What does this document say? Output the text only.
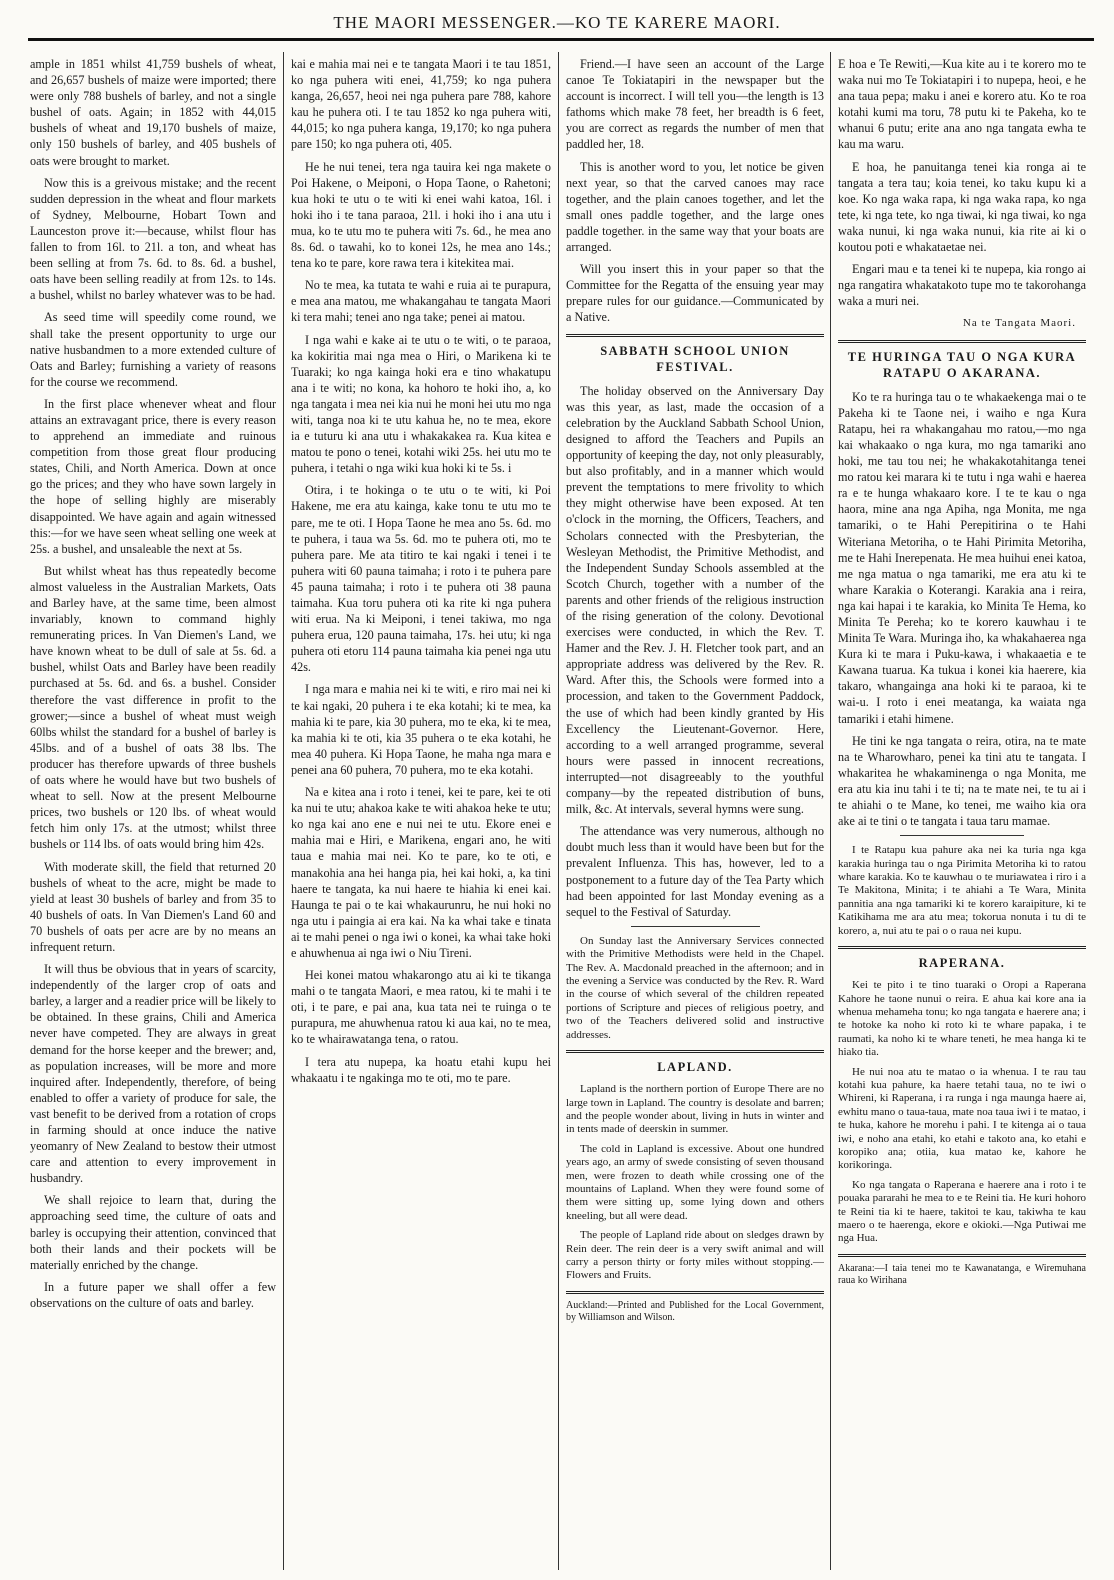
THE MAORI MESSENGER.—KO TE KARERE MAORI.

ample in 1851 whilst 41,759 bushels of wheat, and 26,657 bushels of maize were imported; there were only 788 bushels of barley, and not a single bushel of oats. Again; in 1852 with 44,015 bushels of wheat and 19,170 bushels of maize, only 150 bushels of barley, and 405 bushels of oats were brought to market.

Now this is a greivous mistake; and the recent sudden depression in the wheat and flour markets of Sydney, Melbourne, Hobart Town and Launceston prove it:—because, whilst flour has fallen to from 16l. to 21l. a ton, and wheat has been selling at from 7s. 6d. to 8s. 6d. a bushel, oats have been selling readily at from 12s. to 14s. a bushel, whilst no barley whatever was to be had.

As seed time will speedily come round, we shall take the present opportunity to urge our native husbandmen to a more extended culture of Oats and Barley; furnishing a variety of reasons for the course we recommend.

In the first place whenever wheat and flour attains an extravagant price, there is every reason to apprehend an immediate and ruinous competition from those great flour producing states, Chili, and North America. Down at once go the prices; and they who have sown largely in the hope of selling highly are miserably disappointed. We have again and again witnessed this:—for we have seen wheat selling one week at 25s. a bushel, and unsaleable the next at 5s.

But whilst wheat has thus repeatedly become almost valueless in the Australian Markets, Oats and Barley have, at the same time, been almost invariably, known to command highly remunerating prices. In Van Diemen's Land, we have known wheat to be dull of sale at 5s. 6d. a bushel, whilst Oats and Barley have been readily purchased at 5s. 6d. and 6s. a bushel. Consider therefore the vast difference in profit to the grower;—since a bushel of wheat must weigh 60lbs whilst the standard for a bushel of barley is 45lbs. and of a bushel of oats 38 lbs. The producer has therefore upwards of three bushels of oats where he would have but two bushels of wheat to sell. Now at the present Melbourne prices, two bushels or 120 lbs. of wheat would fetch him only 17s. at the utmost; whilst three bushels or 114 lbs. of oats would bring him 42s.

With moderate skill, the field that returned 20 bushels of wheat to the acre, might be made to yield at least 30 bushels of barley and from 35 to 40 bushels of oats. In Van Diemen's Land 60 and 70 bushels of oats per acre are by no means an infrequent return.

It will thus be obvious that in years of scarcity, independently of the larger crop of oats and barley, a larger and a readier price will be likely to be obtained. In these grains, Chili and America never have competed. They are always in great demand for the horse keeper and the brewer; and, as population increases, will be more and more inquired after. Independently, therefore, of being enabled to offer a variety of produce for sale, the vast benefit to be derived from a rotation of crops in farming should at once induce the native yeomanry of New Zealand to bestow their utmost care and attention to every improvement in husbandry.

We shall rejoice to learn that, during the approaching seed time, the culture of oats and barley is occupying their attention, convinced that both their lands and their pockets will be materially enriched by the change.

In a future paper we shall offer a few observations on the culture of oats and barley.

kai e mahia mai nei e te tangata Maori i te tau 1851, ko nga puhera witi enei, 41,759; ko nga puhera kanga, 26,657, heoi nei nga puhera pare 788, kahore kau he puhera oti. I te tau 1852 ko nga puhera witi, 44,015; ko nga puhera kanga, 19,170; ko nga puhera pare 150; ko nga puhera oti, 405.

He he nui tenei, tera nga tauira kei nga makete o Poi Hakene, o Meiponi, o Hopa Taone, o Rahetoni; kua hoki te utu o te witi ki enei wahi katoa, 16l. i hoki iho i te tana paraoa, 21l. i hoki iho i ana utu i mua, ko te utu mo te puhera witi 7s. 6d., he mea ano 8s. 6d. o tawahi, ko to konei 12s, he mea ano 14s.; tena ko te pare, kore rawa tera i kitekitea mai.

No te mea, ka tutata te wahi e ruia ai te purapura, e mea ana matou, me whakangahau te tangata Maori ki tera mahi; tenei ano nga take; penei ai matou.

I nga wahi e kake ai te utu o te witi, o te paraoa, ka kokiritia mai nga mea o Hiri, o Marikena ki te Tuaraki; ko nga kainga hoki era e tino whakatupu ana i te witi; no kona, ka hohoro te hoki iho, a, ko nga tangata i mea nei kia nui he moni hei utu mo nga witi, tanga noa ki te utu kahua he, no te mea, ekore ia e tuturu ki ana utu i whakakakea ra. Kua kitea e matou te pono o tenei, kotahi wiki 25s. hei utu mo te puhera, i tetahi o nga wiki kua hoki ki te 5s. i

Otira, i te hokinga o te utu o te witi, ki Poi Hakene, me era atu kainga, kake tonu te utu mo te pare, me te oti. I Hopa Taone he mea ano 5s. 6d. mo te puhera, i taua wa 5s. 6d. mo te puhera oti, mo te puhera pare. Me ata titiro te kai ngaki i tenei i te puhera witi 60 pauna taimaha; i roto i te puhera pare 45 pauna taimaha; i roto i te puhera oti 38 pauna taimaha. Kua toru puhera oti ka rite ki nga puhera witi erua. Na ki Meiponi, i tenei takiwa, mo nga puhera erua, 120 pauna taimaha, 17s. hei utu; ki nga puhera oti etoru 114 pauna taimaha kia penei nga utu 42s.

I nga mara e mahia nei ki te witi, e riro mai nei ki te kai ngaki, 20 puhera i te eka kotahi; ki te mea, ka mahia ki te pare, kia 30 puhera, mo te eka, ki te mea, ka mahia ki te oti, kia 35 puhera o te eka kotahi, he mea 40 puhera. Ki Hopa Taone, he maha nga mara e penei ana 60 puhera, 70 puhera, mo te eka kotahi.

Na e kitea ana i roto i tenei, kei te pare, kei te oti ka nui te utu; ahakoa kake te witi ahakoa heke te utu; ko nga kai ano ene e nui nei te utu. Ekore enei e mahia mai e Hiri, e Marikena, engari ano, he witi taua e mahia mai nei. Ko te pare, ko te oti, e manakohia ana hei hanga pia, hei kai hoki, a, ka tini haere te tangata, ka nui haere te hiahia ki enei kai. Haunga te pai o te kai whakaurunru, he nui hoki no nga utu i paingia ai era kai. Na ka whai take e tinata ai te mahi penei o nga iwi o konei, ka whai take hoki e ahuwhenua ai nga iwi o Niu Tireni.

Hei konei matou whakarongo atu ai ki te tikanga mahi o te tangata Maori, e mea ratou, ki te mahi i te oti, i te pare, e pai ana, kua tata nei te ruinga o te purapura, me ahuwhenua ratou ki aua kai, no te mea, ko te whairawatanga tena, o ratou.

I tera atu nupepa, ka hoatu etahi kupu hei whakaatu i te ngakinga mo te oti, mo te pare.

Friend.—I have seen an account of the Large canoe Te Tokiatapiri in the newspaper but the account is incorrect. I will tell you—the length is 13 fathoms which make 78 feet, her breadth is 6 feet, you are correct as regards the number of men that paddled her, 18.

This is another word to you, let notice be given next year, so that the carved canoes may race together, and the plain canoes together, and let the small ones paddle together, and the large ones paddle together. in the same way that your boats are arranged.

Will you insert this in your paper so that the Committee for the Regatta of the ensuing year may prepare rules for our guidance.—Communicated by a Native.

SABBATH SCHOOL UNION FESTIVAL.

The holiday observed on the Anniversary Day was this year, as last, made the occasion of a celebration by the Auckland Sabbath School Union, designed to afford the Teachers and Pupils an opportunity of keeping the day, not only pleasurably, but also profitably, and in a manner which would prevent the temptations to mere frivolity to which they might otherwise have been exposed. At ten o'clock in the morning, the Officers, Teachers, and Scholars connected with the Presbyterian, the Wesleyan Methodist, the Primitive Methodist, and the Independent Sunday Schools assembled at the Scotch Church, together with a number of the parents and other friends of the religious instruction of the rising generation of the colony. Devotional exercises were conducted, in which the Rev. T. Hamer and the Rev. J. H. Fletcher took part, and an appropriate address was delivered by the Rev. R. Ward. After this, the Schools were formed into a procession, and taken to the Government Paddock, the use of which had been kindly granted by His Excellency the Lieutenant-Governor. Here, according to a well arranged programme, several hours were passed in innocent recreations, interrupted—not disagreeably to the youthful company—by the repeated distribution of buns, milk, &c. At intervals, several hymns were sung.

The attendance was very numerous, although no doubt much less than it would have been but for the prevalent Influenza. This has, however, led to a postponement to a future day of the Tea Party which had been appointed for last Monday evening as a sequel to the Festival of Saturday.

On Sunday last the Anniversary Services connected with the Primitive Methodists were held in the Chapel. The Rev. A. Macdonald preached in the afternoon; and in the evening a Service was conducted by the Rev. R. Ward in the course of which several of the children repeated portions of Scripture and pieces of religious poetry, and two of the Teachers delivered solid and instructive addresses.

LAPLAND.

Lapland is the northern portion of Europe There are no large town in Lapland. The country is desolate and barren; and the people wonder about, living in huts in winter and in tents made of deerskin in summer.

The cold in Lapland is excessive. About one hundred years ago, an army of swede consisting of seven thousand men, were frozen to death while crossing one of the mountains of Lapland. When they were found some of them were sitting up, some lying down and others kneeling, but all were dead.

The people of Lapland ride about on sledges drawn by Rein deer. The rein deer is a very swift animal and will carry a person thirty or forty miles without stopping.—Flowers and Fruits.

Auckland:—Printed and Published for the Local Government, by Williamson and Wilson.

E hoa e Te Rewiti,—Kua kite au i te korero mo te waka nui mo Te Tokiatapiri i to nupepa, heoi, e he ana taua pepa; maku i anei e korero atu. Ko te roa kotahi kumi ma toru, 78 putu ki te Pakeha, ko te whanui 6 putu; erite ana ano nga tangata ewha te kau ma waru.

E hoa, he panuitanga tenei kia ronga ai te tangata a tera tau; koia tenei, ko taku kupu ki a koe. Ko nga waka rapa, ki nga waka rapa, ko nga tete, ki nga tete, ko nga tiwai, ki nga tiwai, ko nga waka nunui, ki nga waka nunui, kia rite ai ki o koutou poti e whakataetae nei.

Engari mau e ta tenei ki te nupepa, kia rongo ai nga rangatira whakatakoto tupe mo te takorohanga waka a muri nei.

Na te Tangata Maori.

TE HURINGA TAU O NGA KURA RATAPU O AKARANA.

Ko te ra huringa tau o te whakaekenga mai o te Pakeha ki te Taone nei, i waiho e nga Kura Ratapu, hei ra whakangahau mo ratou,—mo nga kai whakaako o nga kura, mo nga tamariki ano hoki, me tau tou nei; he whakakotahitanga tenei mo ratou kei marara ki te tutu i nga wahi e haerea ra e te hunga whakaaro kore. I te te kau o nga haora, mine ana nga Apiha, nga Monita, me nga tamariki, o te Hahi Perepitirina o te Hahi Witeriana Metoriha, o te Hahi Pirimita Metoriha, me te Hahi Inerepenata. He mea huihui enei katoa, me nga matua o nga tamariki, me era atu ki te whare Karakia o Koterangi. Karakia ana i reira, nga kai hapai i te karakia, ko Minita Te Hema, ko Minita Te Pereha; ko te korero kauwhau i te Minita Te Wara. Muringa iho, ka whakahaerea nga Kura ki te mara i Puku-kawa, i whakaaetia e te Kawana tuarua. Ka tukua i konei kia haerere, kia takaro, whangainga ana hoki ki te paraoa, ki te wai-u. I roto i enei meatanga, ka waiata nga tamariki i etahi himene.

He tini ke nga tangata o reira, otira, na te mate na te Wharowharo, penei ka tini atu te tangata. I whakaritea he whakaminenga o nga Monita, me era atu kia inu tahi i te ti; na te mate nei, te tu ai i te ahiahi o te Mane, ko tenei, me waiho kia ora ake ai te tini o te tangata i taua taru mamae.

I te Ratapu kua pahure aka nei ka turia nga kga karakia huringa tau o nga Pirimita Metoriha ki to ratou whare karakia. Ko te kauwhau o te muriawatea i riro i a Te Makitona, Minita; i te ahiahi a Te Wara, Minita pannitia ana nga tamariki ki te korero karaipiture, ki te Katikihama me ara atu mea; tokorua nonuta i tu di te korero, a, nui atu te pai o o raua nei kupu.

RAPERANA.

Kei te pito i te tino tuaraki o Oropi a Raperana Kahore he taone nunui o reira. E ahua kai kore ana ia whenua mehameha tonu; ko nga tangata e haerere ana; i te hotoke ka noho ki roto ki te whare papaka, i te raumati, ka noho ki te whare teneti, he mea hanga ki te hiako tia.

He nui noa atu te matao o ia whenua. I te rau tau kotahi kua pahure, ka haere tetahi taua, no te iwi o Whireni, ki Raperana, i ra runga i nga maunga haere ai, ewhitu mano o taua-taua, mate noa taua iwi i te matao, i te huka, kahore he morehu i pahi. I te kitenga ai o taua iwi, e noho ana etahi, ko etahi e takoto ana, ko etahi e koropiko ana; otiia, kua matao ke, kahore he korikoringa.

Ko nga tangata o Raperana e haerere ana i roto i te pouaka pararahi he mea to e te Reini tia. He kuri hohoro te Reini tia ki te haere, takitoi te kau, takiwha te kau maero o te haerenga, ekore e okioki.—Nga Putiwai me nga Hua.

Akarana:—I taia tenei mo te Kawanatanga, e Wiremuhana raua ko Wirihana
